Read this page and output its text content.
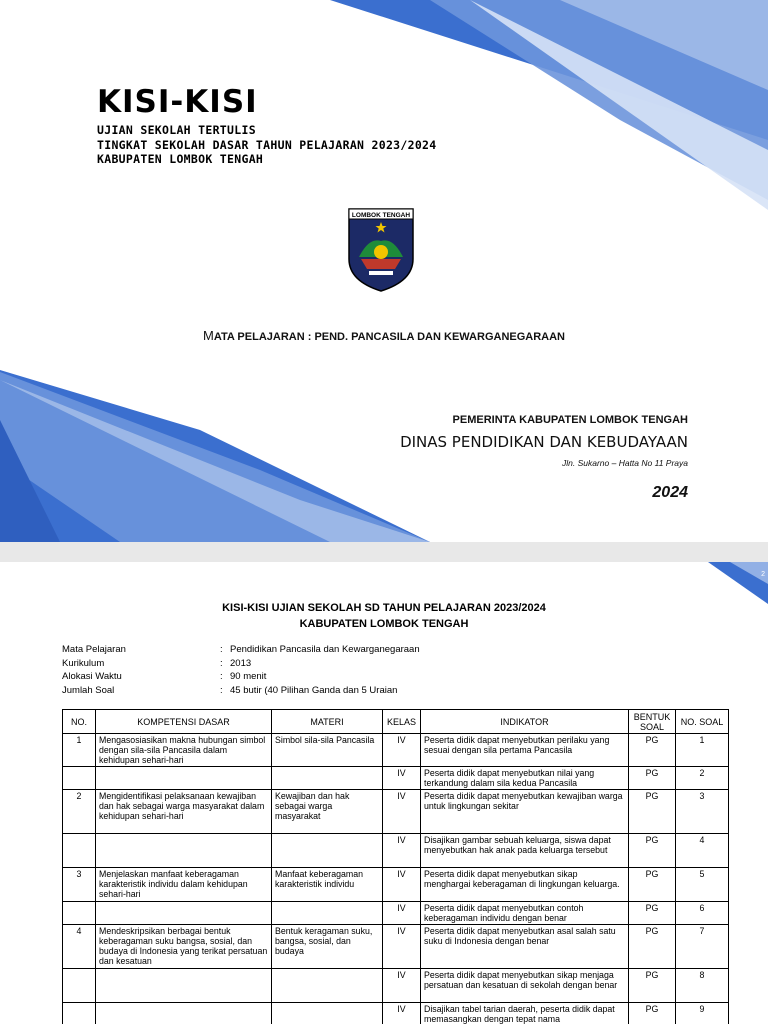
KISI-KISI
UJIAN SEKOLAH TERTULIS
TINGKAT SEKOLAH DASAR TAHUN PELAJARAN 2023/2024
KABUPATEN LOMBOK TENGAH
LOMBOK TENGAH
MATA PELAJARAN : PEND. PANCASILA DAN KEWARGANEGARAAN
PEMERINTA KABUPATEN LOMBOK TENGAH
DINAS PENDIDIKAN DAN KEBUDAYAAN
Jln. Sukarno – Hatta No 11 Praya
2024
2
KISI-KISI UJIAN SEKOLAH SD TAHUN PELAJARAN 2023/2024
KABUPATEN LOMBOK TENGAH
Mata Pelajaran	: Pendidikan Pancasila dan Kewarganegaraan
Kurikulum	: 2013
Alokasi Waktu	: 90 menit
Jumlah Soal	: 45 butir (40 Pilihan Ganda dan 5 Uraian
NO.	KOMPETENSI DASAR	MATERI	KELAS	INDIKATOR	BENTUK SOAL	NO. SOAL
1	Mengasosiasikan makna hubungan simbol dengan sila-sila Pancasila dalam kehidupan sehari-hari	Simbol sila-sila Pancasila	IV	Peserta didik dapat menyebutkan perilaku yang sesuai dengan sila pertama Pancasila	PG	1
			IV	Peserta didik dapat menyebutkan nilai yang terkandung dalam sila kedua Pancasila	PG	2
2	Mengidentifikasi pelaksanaan kewajiban dan hak sebagai warga masyarakat dalam kehidupan sehari-hari	Kewajiban dan hak sebagai warga masyarakat	IV	Peserta didik dapat menyebutkan kewajiban warga untuk lingkungan sekitar	PG	3
			IV	Disajikan gambar sebuah keluarga, siswa dapat menyebutkan hak anak pada keluarga tersebut	PG	4
3	Menjelaskan manfaat keberagaman karakteristik individu dalam kehidupan sehari-hari	Manfaat keberagaman karakteristik individu	IV	Peserta didik dapat menyebutkan sikap menghargai keberagaman di lingkungan keluarga.	PG	5
			IV	Peserta didik dapat menyebutkan contoh keberagaman individu dengan benar	PG	6
4	Mendeskripsikan berbagai bentuk keberagaman suku bangsa, sosial, dan budaya di Indonesia yang terikat persatuan dan kesatuan	Bentuk keragaman suku, bangsa, sosial, dan budaya	IV	Peserta didik dapat menyebutkan asal salah satu suku di Indonesia dengan benar	PG	7
			IV	Peserta didik dapat menyebutkan sikap menjaga persatuan dan kesatuan di sekolah dengan benar	PG	8
			IV	Disajikan tabel tarian daerah, peserta didik dapat memasangkan dengan tepat nama	PG	9
